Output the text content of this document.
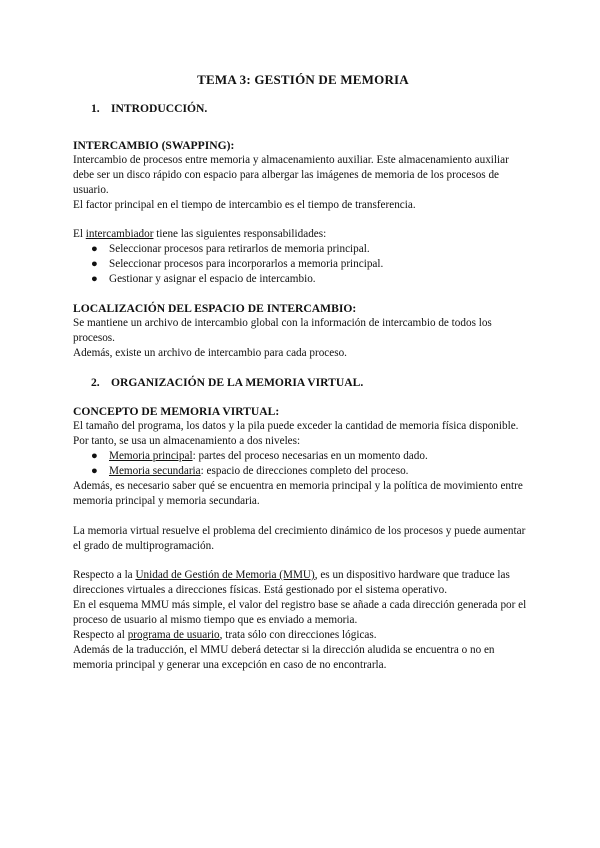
TEMA 3: GESTIÓN DE MEMORIA

1. INTRODUCCIÓN.

INTERCAMBIO (SWAPPING):

Intercambio de procesos entre memoria y almacenamiento auxiliar. Este almacenamiento auxiliar

debe ser un disco rápido con espacio para albergar las imágenes de memoria de los procesos de

usuario.

El factor principal en el tiempo de intercambio es el tiempo de transferencia.

El intercambiador tiene las siguientes responsabilidades:

● Seleccionar procesos para retirarlos de memoria principal.
● Seleccionar procesos para incorporarlos a memoria principal.
● Gestionar y asignar el espacio de intercambio.

LOCALIZACIÓN DEL ESPACIO DE INTERCAMBIO:

Se mantiene un archivo de intercambio global con la información de intercambio de todos los

procesos.

Además, existe un archivo de intercambio para cada proceso.

2. ORGANIZACIÓN DE LA MEMORIA VIRTUAL.

CONCEPTO DE MEMORIA VIRTUAL:

El tamaño del programa, los datos y la pila puede exceder la cantidad de memoria física disponible.

Por tanto, se usa un almacenamiento a dos niveles:

● Memoria principal: partes del proceso necesarias en un momento dado.
● Memoria secundaria: espacio de direcciones completo del proceso.

Además, es necesario saber qué se encuentra en memoria principal y la política de movimiento entre

memoria principal y memoria secundaria.

La memoria virtual resuelve el problema del crecimiento dinámico de los procesos y puede aumentar

el grado de multiprogramación.

Respecto a la Unidad de Gestión de Memoria (MMU), es un dispositivo hardware que traduce las

direcciones virtuales a direcciones físicas. Está gestionado por el sistema operativo.

En el esquema MMU más simple, el valor del registro base se añade a cada dirección generada por el

proceso de usuario al mismo tiempo que es enviado a memoria.

Respecto al programa de usuario, trata sólo con direcciones lógicas.

Además de la traducción, el MMU deberá detectar si la dirección aludida se encuentra o no en

memoria principal y generar una excepción en caso de no encontrarla.
